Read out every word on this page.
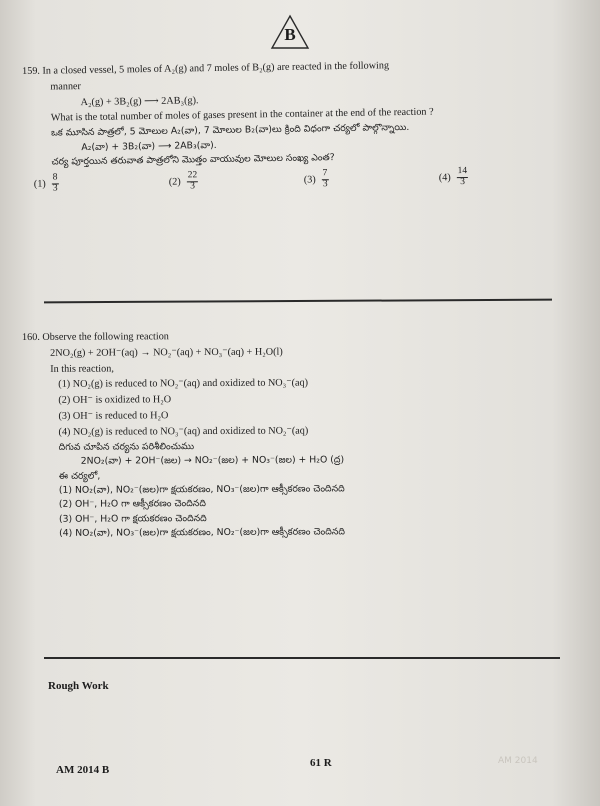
B
159. In a closed vessel, 5 moles of A₂(g) and 7 moles of B₂(g) are reacted in the following
manner
A₂(g) + 3B₂(g) ⟶ 2AB₃(g).
What is the total number of moles of gases present in the container at the end of the reaction ?
ఒక మూసిన పాత్రలో, 5 మోలుల A₂(వా), 7 మోలుల B₂(వా)లు క్రింది విధంగా చర్యలో పాల్గొన్నాయి.
A₂(వా) + 3B₂(వా) ⟶ 2AB₃(వా).
చర్య పూర్తయిన తరువాత పాత్రలోని మొత్తం వాయువుల మోలుల సంఖ్య ఎంత?
$(1) \frac{8}{3}$	$(2) \frac{22}{3}$	$(3) \frac{7}{3}$	$(4) \frac{14}{3}$
160. Observe the following reaction
2NO₂(g) + 2OH⁻(aq) → NO₂⁻(aq) + NO₃⁻(aq) + H₂O(l)
In this reaction,
(1) NO₂(g) is reduced to NO₂⁻(aq) and oxidized to NO₃⁻(aq)
(2) OH⁻ is oxidized to H₂O
(3) OH⁻ is reduced to H₂O
(4) NO₂(g) is reduced to NO₃⁻(aq) and oxidized to NO₂⁻(aq)
దిగువ చూపిన చర్యను పరిశీలించుము
2NO₂(వా) + 2OH⁻(జల) → NO₂⁻(జల) + NO₃⁻(జల) + H₂O (ద్ర)
ఈ చర్యలో,
(1) NO₂(వా), NO₂⁻(జల)గా క్షయకరణం, NO₃⁻(జల)గా ఆక్సీకరణం చెందినది
(2) OH⁻, H₂O గా ఆక్సీకరణం చెందినది
(3) OH⁻, H₂O గా క్షయకరణం చెందినది
(4) NO₂(వా), NO₃⁻(జల)గా క్షయకరణం, NO₂⁻(జల)గా ఆక్సీకరణం చెందినది
Rough Work
AM 2014 B
61 R	AM 2014
